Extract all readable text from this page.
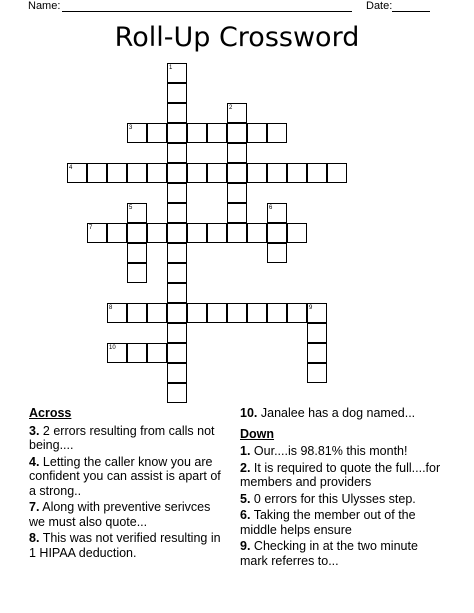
Name:	Date:
Roll-Up Crossword
1
2
3
4
5	6
7
8	9
10
Across
3. 2 errors resulting from calls not being....
4. Letting the caller know you are confident you can assist is apart of a strong..
7. Along with preventive serivces we must also quote...
8. This was not verified resulting in 1 HIPAA deduction.
10. Janalee has a dog named...
Down
1. Our....is 98.81% this month!
2. It is required to quote the full....for members and providers
5. 0 errors for this Ulysses step.
6. Taking the member out of the middle helps ensure
9. Checking in at the two minute mark referres to...
